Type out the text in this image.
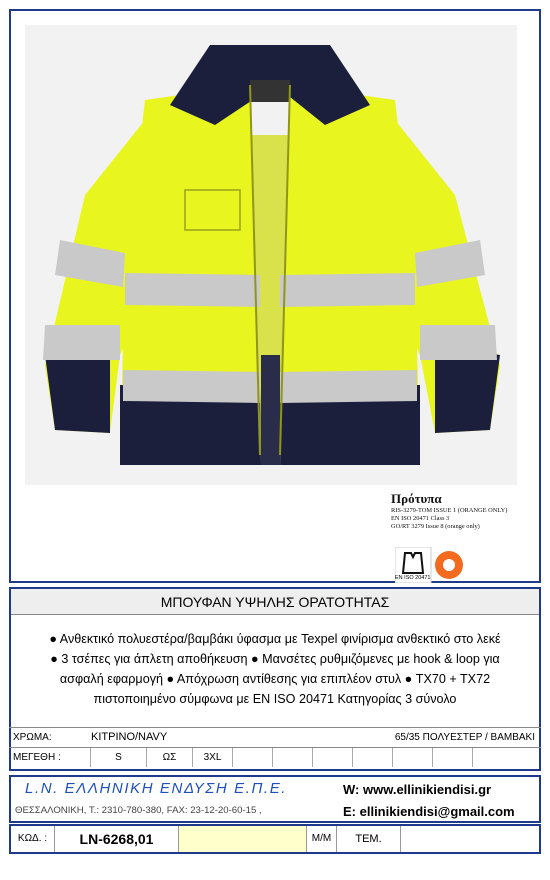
Πρότυπα
RIS-3279-TOM ISSUE 1 (ORANGE ONLY)
EN ISO 20471 Class 3
GO/RT 3279 Issue 8 (orange only)
EN ISO 20471
ΜΠΟΥΦΑΝ ΥΨΗΛΗΣ ΟΡΑΤΟΤΗΤΑΣ
● Ανθεκτικό πολυεστέρα/βαμβάκι ύφασμα με Texpel φινίρισμα ανθεκτικό στο λεκέ
● 3 τσέπες για άπλετη αποθήκευση ● Μανσέτες ρυθμιζόμενες με hook & loop για
ασφαλή εφαρμογή ● Απόχρωση αντίθεσης για επιπλέον στυλ ● TX70 + TX72
πιστοποιημένο σύμφωνα με EN ISO 20471 Κατηγορίας 3 σύνολο
ΧΡΩΜΑ:	ΚΙΤΡΙΝΟ/NAVY	65/35 ΠΟΛΥΕΣΤΕΡ / ΒΑΜΒΑΚΙ
ΜΕΓΕΘΗ :	S	ΩΣ	3XL
L.N. ΕΛΛΗΝΙΚΗ ΕΝΔΥΣΗ Ε.Π.Ε.
ΘΕΣΣΑΛΟΝΙΚΗ, Τ.: 2310-780-380, FAX: 23-12-20-60-15 ,
W: www.ellinikiendisi.gr
E: ellinikiendisi@gmail.com
ΚΩΔ. :	LN-6268,01	Μ/Μ	ΤΕΜ.
